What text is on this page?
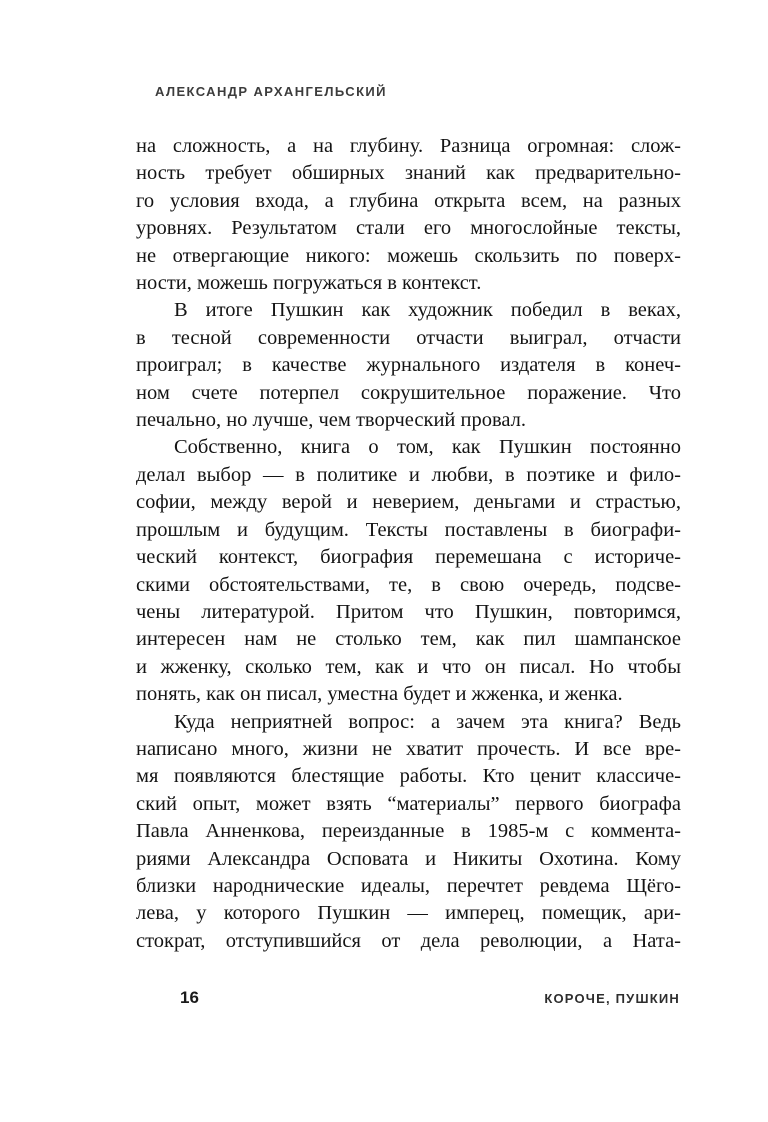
АЛЕКСАНДР АРХАНГЕЛЬСКИЙ
на сложность, а на глубину. Разница огромная: слож-
ность требует обширных знаний как предварительно-
го условия входа, а глубина открыта всем, на разных
уровнях. Результатом стали его многослойные тексты,
не отвергающие никого: можешь скользить по поверх-
ности, можешь погружаться в контекст.
В итоге Пушкин как художник победил в веках,
в тесной современности отчасти выиграл, отчасти
проиграл; в качестве журнального издателя в конеч-
ном счете потерпел сокрушительное поражение. Что
печально, но лучше, чем творческий провал.
Собственно, книга о том, как Пушкин постоянно
делал выбор — в политике и любви, в поэтике и фило-
софии, между верой и неверием, деньгами и страстью,
прошлым и будущим. Тексты поставлены в биографи-
ческий контекст, биография перемешана с историче-
скими обстоятельствами, те, в свою очередь, подсве-
чены литературой. Притом что Пушкин, повторимся,
интересен нам не столько тем, как пил шампанское
и жженку, сколько тем, как и что он писал. Но чтобы
понять, как он писал, уместна будет и жженка, и женка.
Куда неприятней вопрос: а зачем эта книга? Ведь
написано много, жизни не хватит прочесть. И все вре-
мя появляются блестящие работы. Кто ценит классиче-
ский опыт, может взять “материалы” первого биографа
Павла Анненкова, переизданные в 1985-м с коммента-
риями Александра Осповата и Никиты Охотина. Кому
близки народнические идеалы, перечтет ревдема Щёго-
лева, у которого Пушкин — имперец, помещик, ари-
стократ, отступившийся от дела революции, а Ната-
16	КОРОЧЕ, ПУШКИН
